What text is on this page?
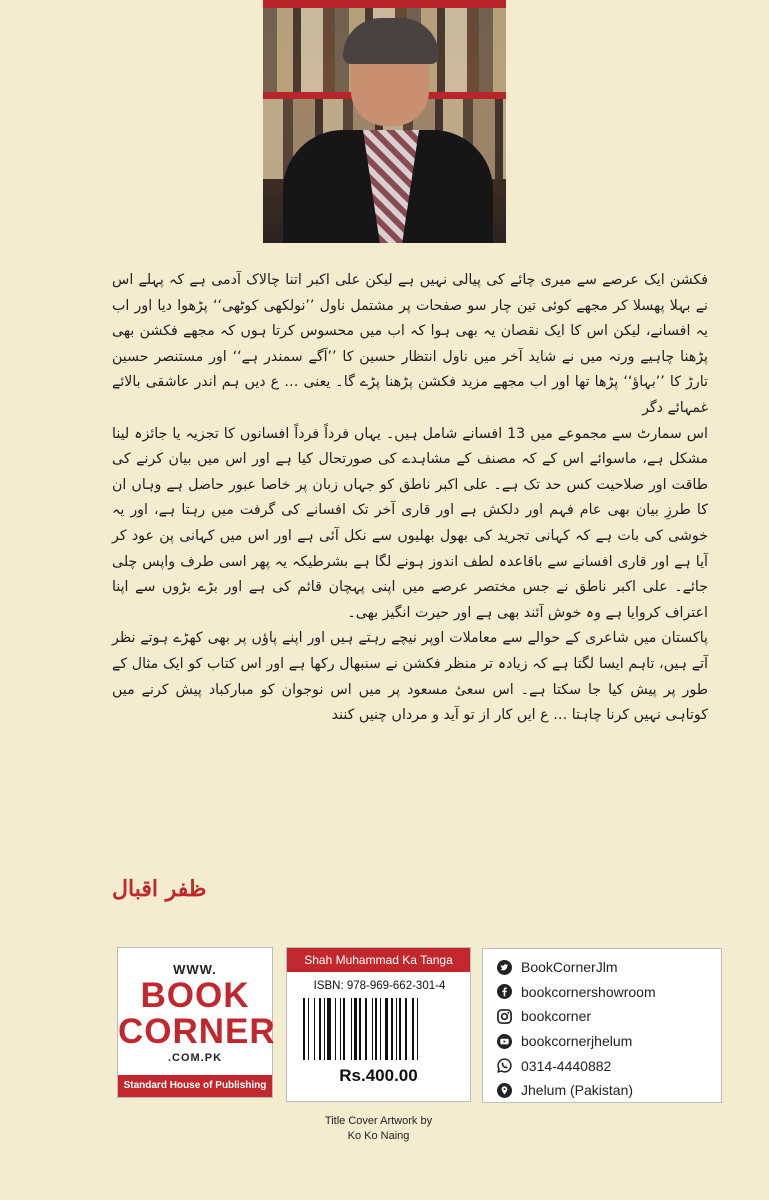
فکشن ایک عرصے سے میری چائے کی پیالی نہیں ہے لیکن علی اکبر اتنا چالاک آدمی ہے کہ پہلے اس نے بہلا پھسلا کر مجھے کوئی تین چار سو صفحات پر مشتمل ناول ’’نولکھی کوٹھی‘‘ پڑھوا دیا اور اب یہ افسانے، لیکن اس کا ایک نقصان یہ بھی ہوا کہ اب میں محسوس کرتا ہوں کہ مجھے فکشن بھی پڑھنا چاہیے ورنہ میں نے شاید آخر میں ناول انتظار حسین کا ’’آگے سمندر ہے‘‘ اور مستنصر حسین تارڑ کا ’’بہاؤ‘‘ پڑھا تھا اور اب مجھے مزید فکشن پڑھنا پڑے گا۔ یعنی … ع دیں ہم اندر عاشقی بالائے غمہائے دگر

اس سمارٹ سے مجموعے میں 13 افسانے شامل ہیں۔ یہاں فرداً فرداً افسانوں کا تجزیہ یا جائزہ لینا مشکل ہے، ماسوائے اس کے کہ مصنف کے مشاہدے کی صورتحال کیا ہے اور اس میں بیان کرنے کی طاقت اور صلاحیت کس حد تک ہے۔ علی اکبر ناطق کو جہاں زبان پر خاصا عبور حاصل ہے وہاں ان کا طرزِ بیان بھی عام فہم اور دلکش ہے اور قاری آخر تک افسانے کی گرفت میں رہتا ہے، اور یہ خوشی کی بات ہے کہ کہانی تجرید کی بھول بھلیوں سے نکل آئی ہے اور اس میں کہانی پن عود کر آیا ہے اور قاری افسانے سے باقاعدہ لطف اندوز ہونے لگا ہے بشرطیکہ یہ پھر اسی طرف واپس چلی جائے۔ علی اکبر ناطق نے جس مختصر عرصے میں اپنی پہچان قائم کی ہے اور بڑے بڑوں سے اپنا اعتراف کروایا ہے وہ خوش آئند بھی ہے اور حیرت انگیز بھی۔

پاکستان میں شاعری کے حوالے سے معاملات اوپر نیچے رہتے ہیں اور اپنے پاؤں پر بھی کھڑے ہوتے نظر آتے ہیں، تاہم ایسا لگتا ہے کہ زیادہ تر منظر فکشن نے سنبھال رکھا ہے اور اس کتاب کو ایک مثال کے طور پر پیش کیا جا سکتا ہے۔ اس سعیٔ مسعود پر میں اس نوجوان کو مبارکباد پیش کرنے میں کوتاہی نہیں کرنا چاہتا … ع ایں کار از تو آید و مرداں چنیں کنند

ظفر اقبال
WWW.
BOOK
CORNER
.COM.PK
Standard House of Publishing
Shah Muhammad Ka Tanga
ISBN: 978-969-662-301-4
Rs.400.00
Title Cover Artwork by
Ko Ko Naing
BookCornerJlm
bookcornershowroom
bookcorner
bookcornerjhelum
0314-4440882
Jhelum (Pakistan)
